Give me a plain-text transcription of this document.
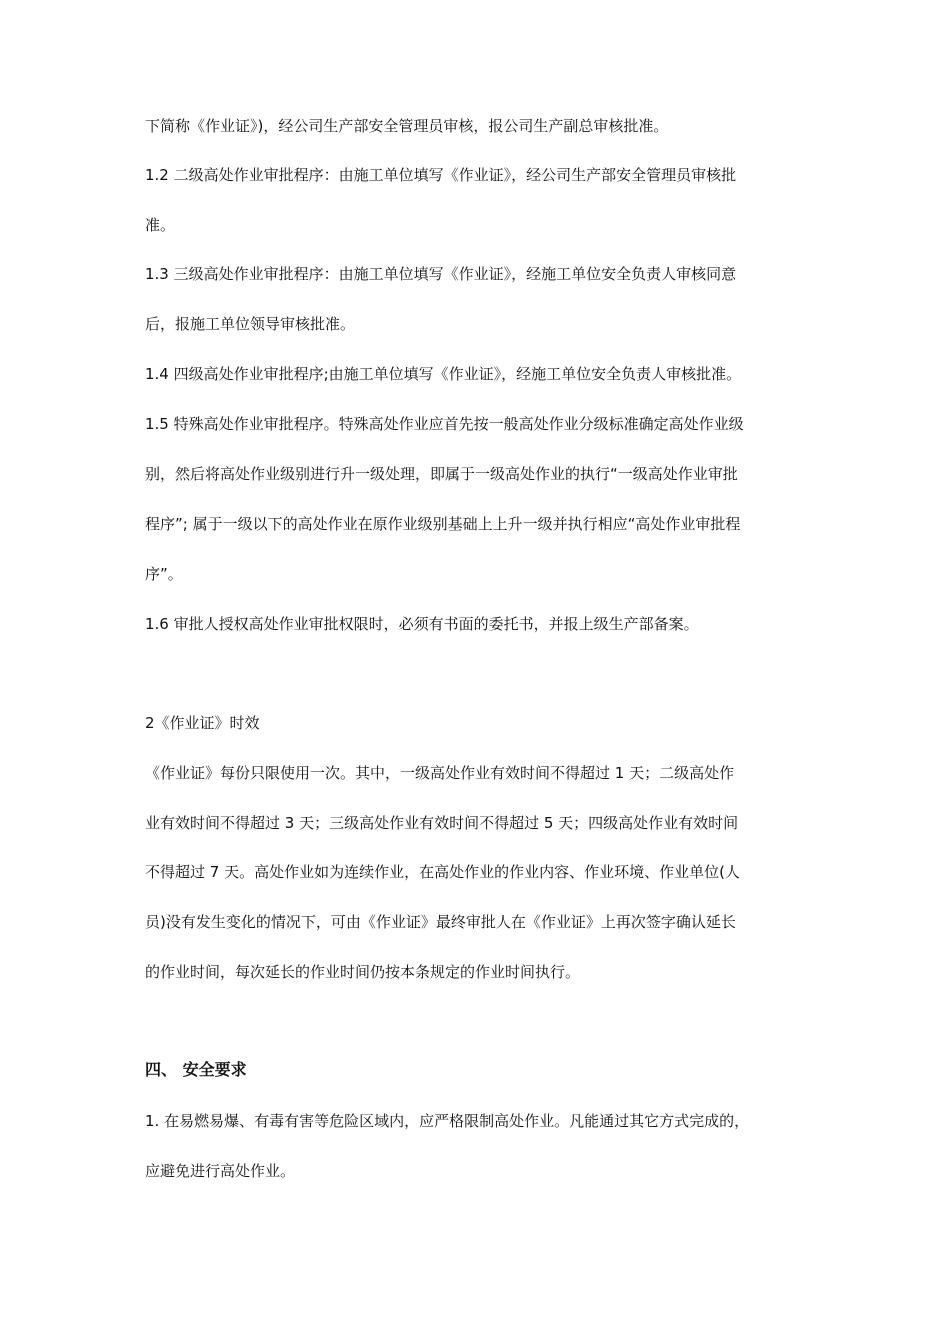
下简称《作业证》)，经公司生产部安全管理员审核，报公司生产副总审核批准。
1.2 二级高处作业审批程序：由施工单位填写《作业证》，经公司生产部安全管理员审核批
准。
1.3 三级高处作业审批程序：由施工单位填写《作业证》，经施工单位安全负责人审核同意
后，报施工单位领导审核批准。
1.4 四级高处作业审批程序;由施工单位填写《作业证》，经施工单位安全负责人审核批准。
1.5 特殊高处作业审批程序。特殊高处作业应首先按一般高处作业分级标准确定高处作业级
别，然后将高处作业级别进行升一级处理，即属于一级高处作业的执行“一级高处作业审批
程序”; 属于一级以下的高处作业在原作业级别基础上上升一级并执行相应“高处作业审批程
序”。
1.6 审批人授权高处作业审批权限时，必须有书面的委托书，并报上级生产部备案。
2《作业证》时效
《作业证》每份只限使用一次。其中，一级高处作业有效时间不得超过 1 天；二级高处作
业有效时间不得超过 3 天；三级高处作业有效时间不得超过 5 天；四级高处作业有效时间
不得超过 7 天。高处作业如为连续作业，在高处作业的作业内容、作业环境、作业单位(人
员)没有发生变化的情况下，可由《作业证》最终审批人在《作业证》上再次签字确认延长
的作业时间，每次延长的作业时间仍按本条规定的作业时间执行。
四、 安全要求
1. 在易燃易爆、有毒有害等危险区域内，应严格限制高处作业。凡能通过其它方式完成的，
应避免进行高处作业。
